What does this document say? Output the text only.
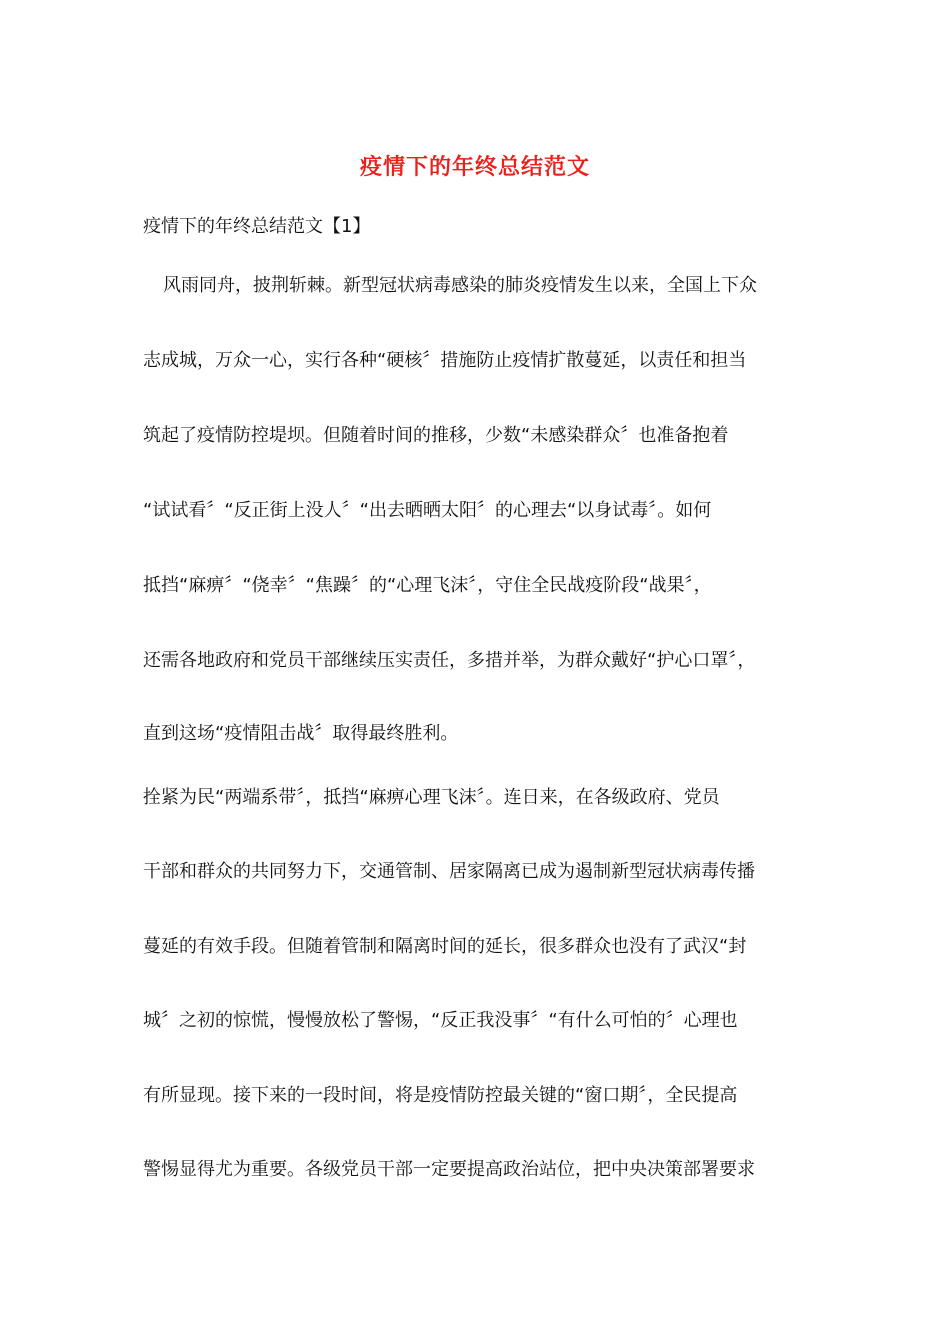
疫情下的年终总结范文
疫情下的年终总结范文【1】
风雨同舟，披荆斩棘。新型冠状病毒感染的肺炎疫情发生以来，全国上下众
志成城，万众一心，实行各种“硬核〞措施防止疫情扩散蔓延，以责任和担当
筑起了疫情防控堤坝。但随着时间的推移，少数“未感染群众〞也准备抱着
“试试看〞“反正街上没人〞“出去晒晒太阳〞的心理去“以身试毒〞。如何
抵挡“麻痹〞“侥幸〞“焦躁〞的“心理飞沫〞，守住全民战疫阶段“战果〞，
还需各地政府和党员干部继续压实责任，多措并举，为群众戴好“护心口罩〞，
直到这场“疫情阻击战〞取得最终胜利。
拴紧为民“两端系带〞，抵挡“麻痹心理飞沫〞。连日来，在各级政府、党员
干部和群众的共同努力下，交通管制、居家隔离已成为遏制新型冠状病毒传播
蔓延的有效手段。但随着管制和隔离时间的延长，很多群众也没有了武汉“封
城〞之初的惊慌，慢慢放松了警惕，“反正我没事〞“有什么可怕的〞心理也
有所显现。接下来的一段时间，将是疫情防控最关键的“窗口期〞，全民提高
警惕显得尤为重要。各级党员干部一定要提高政治站位，把中央决策部署要求
